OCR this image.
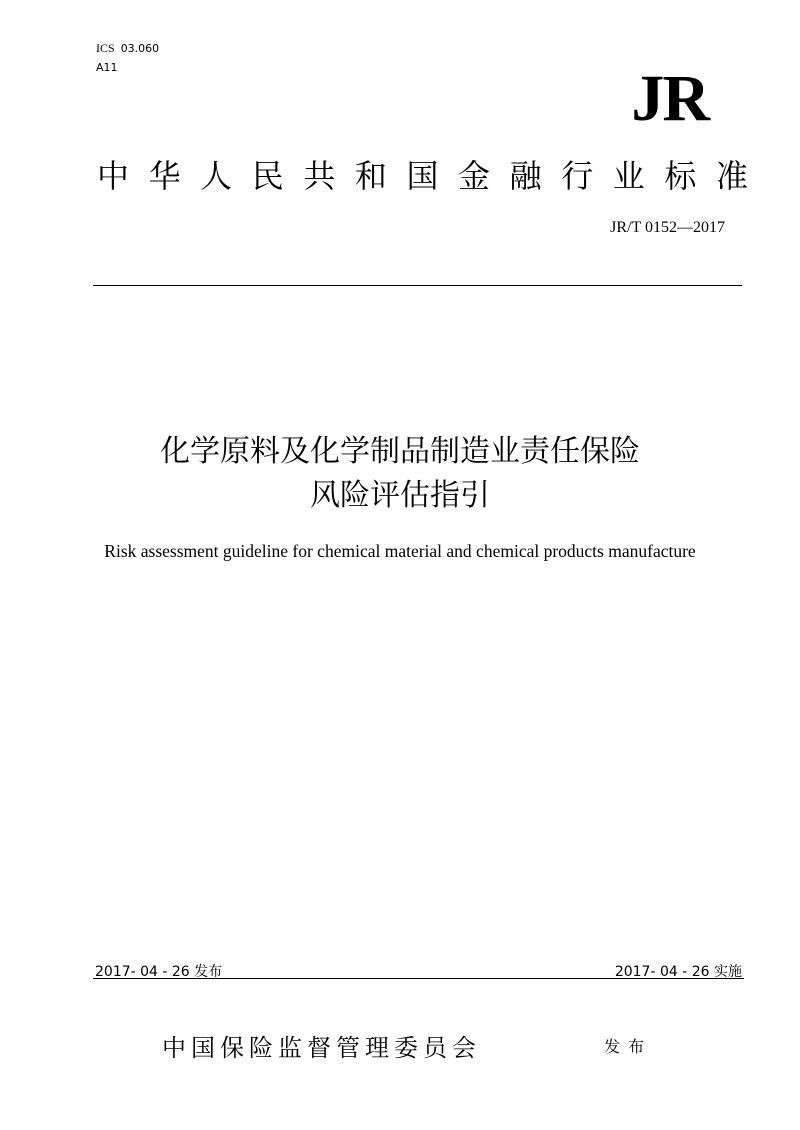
ICS 03.060
A11	JR
中 华 人 民 共 和 国 金 融 行 业 标 准
JR/T 0152—2017
化学原料及化学制品制造业责任保险
风险评估指引
Risk assessment guideline for chemical material and chemical products manufacture
2017- 04 - 26 发布	2017- 04 - 26 实施
中国保险监督管理委员会	发布
